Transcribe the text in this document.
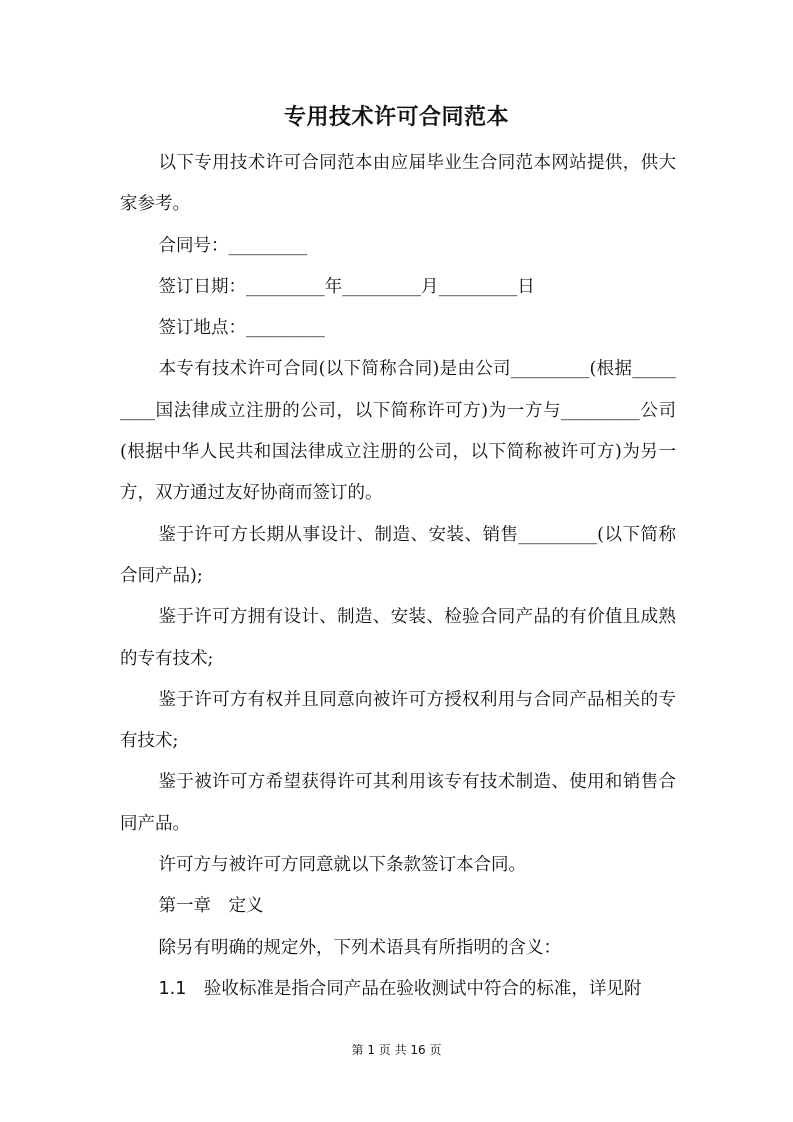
专用技术许可合同范本

以下专用技术许可合同范本由应届毕业生合同范本网站提供，供大家参考。

合同号：_________

签订日期：_________年_________月_________日

签订地点：_________

本专有技术许可合同(以下简称合同)是由公司_________(根据_________国法律成立注册的公司，以下简称许可方)为一方与_________公司(根据中华人民共和国法律成立注册的公司，以下简称被许可方)为另一方，双方通过友好协商而签订的。

鉴于许可方长期从事设计、制造、安装、销售_________(以下简称合同产品);

鉴于许可方拥有设计、制造、安装、检验合同产品的有价值且成熟的专有技术;

鉴于许可方有权并且同意向被许可方授权利用与合同产品相关的专有技术;

鉴于被许可方希望获得许可其利用该专有技术制造、使用和销售合同产品。

许可方与被许可方同意就以下条款签订本合同。

第一章　定义

除另有明确的规定外，下列术语具有所指明的含义：

1.1　 验收标准是指合同产品在验收测试中符合的标准，详见附

第 1 页 共 16 页
